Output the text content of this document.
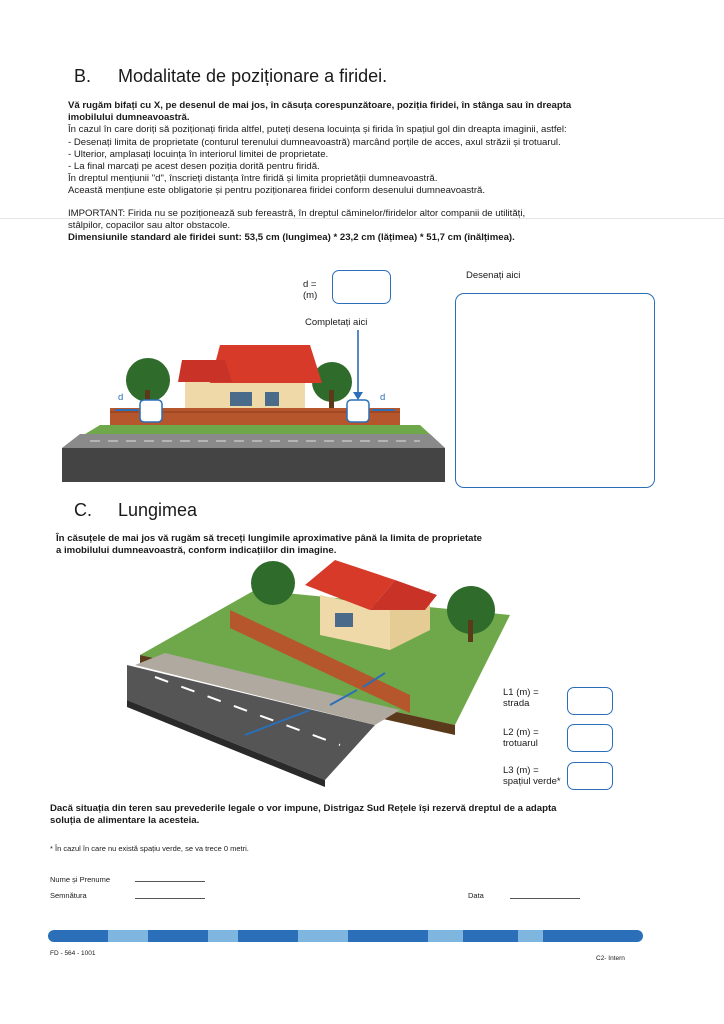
B. Modalitate de poziționare a firidei.
Vă rugăm bifați cu X, pe desenul de mai jos, în căsuța corespunzătoare, poziția firidei, în stânga sau în dreapta
imobilului dumneavoastră.
În cazul în care doriți să poziționați firida altfel, puteți desena locuința și firida în spațiul gol din dreapta imaginii, astfel:
- Desenați limita de proprietate (conturul terenului dumneavoastră) marcând porțile de acces, axul străzii și trotuarul.
- Ulterior, amplasați locuința în interiorul limitei de proprietate.
- La final marcați pe acest desen poziția dorită pentru firidă.
În dreptul mențiunii "d", înscrieți distanța între firidă și limita proprietății dumneavoastră.
Această mențiune este obligatorie și pentru poziționarea firidei conform desenului dumneavoastră.
IMPORTANT: Firida nu se poziționează sub fereastră, în dreptul căminelor/firidelor altor companii de utilități,
stâlpilor, copacilor sau altor obstacole.
Dimensiunile standard ale firidei sunt: 53,5 cm (lungimea) * 23,2 cm (lățimea) * 51,7 cm (înălțimea).
d =
(m)
Completați aici
Desenați aici
d	d
C. Lungimea
În căsuțele de mai jos vă rugăm să treceți lungimile aproximative până la limita de proprietate
a imobilului dumneavoastră, conform indicațiilor din imagine.
L1 (m) =
strada
L2 (m) =
trotuarul
L3 (m) =
spațiul verde*
Dacă situația din teren sau prevederile legale o vor impune, Distrigaz Sud Rețele își rezervă dreptul de a adapta
soluția de alimentare la acesteia.
* În cazul în care nu există spațiu verde, se va trece 0 metri.
Nume și Prenume
Semnătura	Data
FD - 564 - 1001
C2- Intern
